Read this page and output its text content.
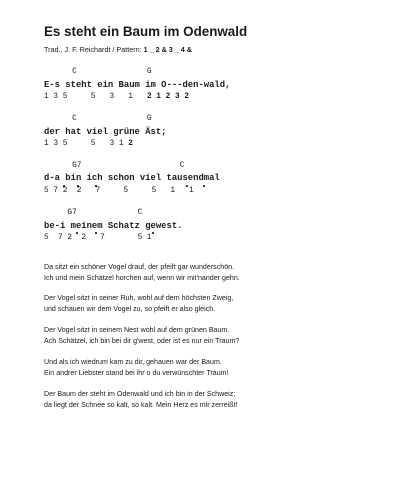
Es steht ein Baum im Odenwald
Trad., J. F. Reichardt / Pattern: 1 _ 2 & 3 _ 4 &
C               G
E-s steht ein Baum im O---den-wald,
1 3 5     5   3   1   2 1 2 3 2
C               G
der hat viel grüne Äst;
1 3 5     5   3 1 2
G7                     C
d-a bin ich schon viel tausendmal
5 7 2  2   7     5     5   1   1
G7             C
be-i meinem Schatz gewest.
5  7 2  2   7       5 1
Da sitzt ein schöner Vogel drauf, der pfeift gar wunderschön.
Ich und mein Schätzel horchen auf, wenn wir mit'nander gehn.
Der Vogel sitzt in seiner Ruh, wohl auf dem höchsten Zweig,
und schauen wir dem Vogel zu, so pfeift er also gleich.
Der Vogel sitzt in seinem Nest wohl auf dem grünen Baum.
Ach Schätzel, ich bin bei dir g'west, oder ist es nur ein Traum?
Und als ich wiedrum kam zu dir, gehauen war der Baum.
Ein andrer Liebster stand bei ihr o du verwünschter Traum!
Der Baum der steht im Odenwald und ich bin in der Schweiz;
da liegt der Schnee so kalt, so kalt. Mein Herz es mir zerreißt!
